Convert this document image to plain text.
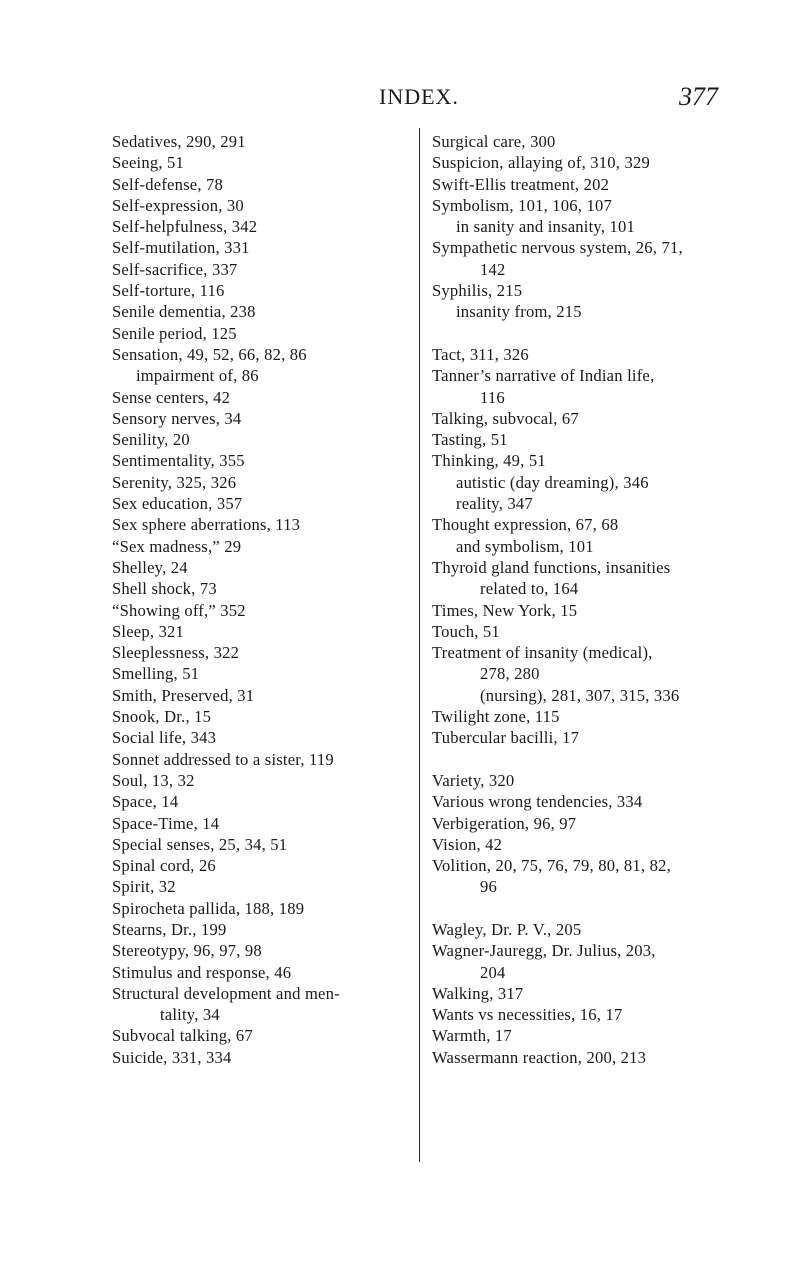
INDEX.	377
Sedatives, 290, 291
Seeing, 51
Self-defense, 78
Self-expression, 30
Self-helpfulness, 342
Self-mutilation, 331
Self-sacrifice, 337
Self-torture, 116
Senile dementia, 238
Senile period, 125
Sensation, 49, 52, 66, 82, 86
impairment of, 86
Sense centers, 42
Sensory nerves, 34
Senility, 20
Sentimentality, 355
Serenity, 325, 326
Sex education, 357
Sex sphere aberrations, 113
“Sex madness,” 29
Shelley, 24
Shell shock, 73
“Showing off,” 352
Sleep, 321
Sleeplessness, 322
Smelling, 51
Smith, Preserved, 31
Snook, Dr., 15
Social life, 343
Sonnet addressed to a sister, 119
Soul, 13, 32
Space, 14
Space-Time, 14
Special senses, 25, 34, 51
Spinal cord, 26
Spirit, 32
Spirocheta pallida, 188, 189
Stearns, Dr., 199
Stereotypy, 96, 97, 98
Stimulus and response, 46
Structural development and men-
tality, 34
Subvocal talking, 67
Suicide, 331, 334
Surgical care, 300
Suspicion, allaying of, 310, 329
Swift-Ellis treatment, 202
Symbolism, 101, 106, 107
in sanity and insanity, 101
Sympathetic nervous system, 26, 71,
142
Syphilis, 215
insanity from, 215
Tact, 311, 326
Tanner’s narrative of Indian life,
116
Talking, subvocal, 67
Tasting, 51
Thinking, 49, 51
autistic (day dreaming), 346
reality, 347
Thought expression, 67, 68
and symbolism, 101
Thyroid gland functions, insanities
related to, 164
Times, New York, 15
Touch, 51
Treatment of insanity (medical),
278, 280
(nursing), 281, 307, 315, 336
Twilight zone, 115
Tubercular bacilli, 17
Variety, 320
Various wrong tendencies, 334
Verbigeration, 96, 97
Vision, 42
Volition, 20, 75, 76, 79, 80, 81, 82,
96
Wagley, Dr. P. V., 205
Wagner-Jauregg, Dr. Julius, 203,
204
Walking, 317
Wants vs necessities, 16, 17
Warmth, 17
Wassermann reaction, 200, 213
